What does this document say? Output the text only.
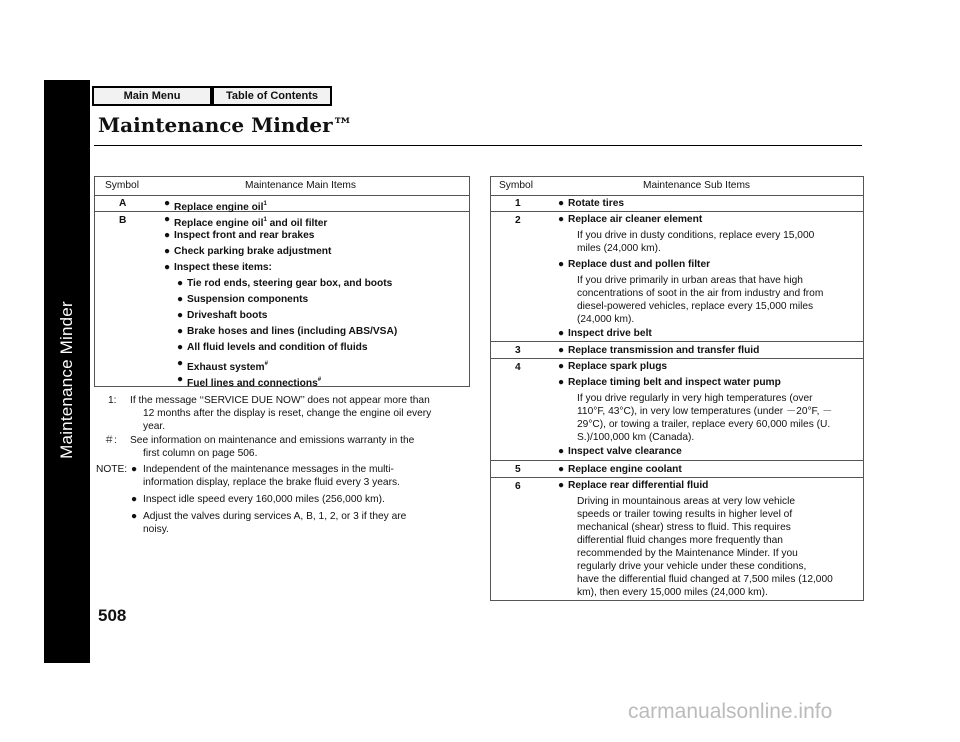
Maintenance Minder
Main Menu	Table of Contents
Maintenance Minder™
Symbol	Maintenance Main Items
A	● Replace engine oil$^1$
B	● Replace engine oil$^1$ and oil filter
● Inspect front and rear brakes
● Check parking brake adjustment
● Inspect these items:
● Tie rod ends, steering gear box, and boots
● Suspension components
● Driveshaft boots
● Brake hoses and lines (including ABS/VSA)
● All fluid levels and condition of fluids
● Exhaust system#
● Fuel lines and connections#
1: If the message ‘‘SERVICE DUE NOW’’ does not appear more than
12 months after the display is reset, change the engine oil every
year.
＃: See information on maintenance and emissions warranty in the
first column on page 506.
NOTE: ● Independent of the maintenance messages in the multi-
information display, replace the brake fluid every 3 years.
● Inspect idle speed every 160,000 miles (256,000 km).
● Adjust the valves during services A, B, 1, 2, or 3 if they are
noisy.
Symbol	Maintenance Sub Items
1	● Rotate tires
2	● Replace air cleaner element
If you drive in dusty conditions, replace every 15,000
miles (24,000 km).
● Replace dust and pollen filter
If you drive primarily in urban areas that have high
concentrations of soot in the air from industry and from
diesel-powered vehicles, replace every 15,000 miles
(24,000 km).
● Inspect drive belt
3	● Replace transmission and transfer fluid
4	● Replace spark plugs
● Replace timing belt and inspect water pump
If you drive regularly in very high temperatures (over
110°F, 43°C), in very low temperatures (under －20°F, －
29°C), or towing a trailer, replace every 60,000 miles (U.
S.)/100,000 km (Canada).
● Inspect valve clearance
5	● Replace engine coolant
6	● Replace rear differential fluid
Driving in mountainous areas at very low vehicle
speeds or trailer towing results in higher level of
mechanical (shear) stress to fluid. This requires
differential fluid changes more frequently than
recommended by the Maintenance Minder. If you
regularly drive your vehicle under these conditions,
have the differential fluid changed at 7,500 miles (12,000
km), then every 15,000 miles (24,000 km).
508
carmanualsonline.info
